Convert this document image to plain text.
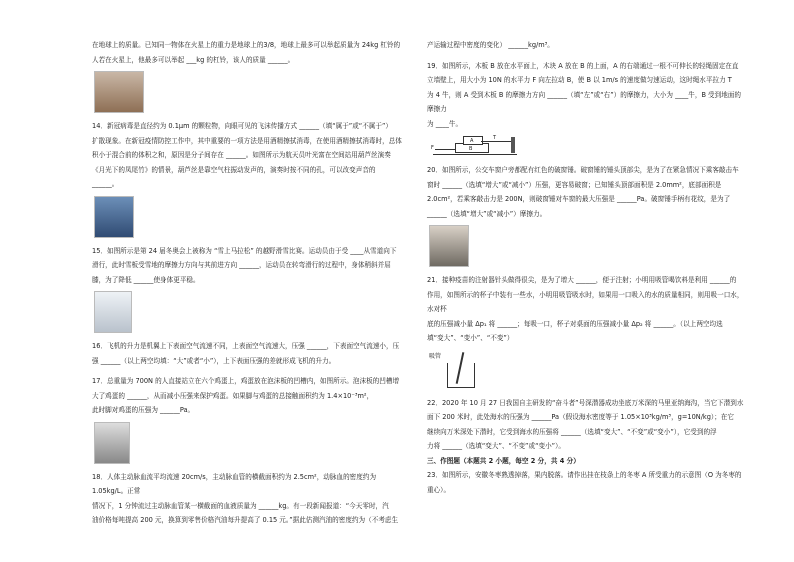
在地球上的质量。已知同一物体在火星上的重力是地球上的3/8，地球上最多可以举起质量为 24kg 杠铃的

人若在火星上，他最多可以举起 ___kg 的杠铃，该人的质量 ______。

14．新冠病毒是直径约为 0.1μm 的颗粒物，向眼可见的飞沫传播方式 ______（填“属于”或“不属于”）

扩散现象。在新冠疫情防控工作中，其中重要的一项方法是用酒精擦拭消毒，在使用酒精擦拭消毒时，总体

积小于混合前的体积之和，原因是分子间存在 ______。如图所示为航天员叶光富在空间站用葫芦丝演奏

《月光下的凤尾竹》的情景，葫芦丝是靠空气柱振动发声的，演奏时按不同的孔，可以改变声音的 ______。

15．如图所示是第 24 届冬奥会上被称为 “雪上马拉松” 的越野滑雪比赛。运动员由于受 ____从雪道向下

滑行，此时雪板受雪地的摩擦力方向与其前进方向 ______，运动员在转弯滑行的过程中，身体稍斜并屈

膝，为了降低 ______使身体更平稳。

16．飞机的升力是机翼上下表面空气流速不同，上表面空气流速大，压强 ______，下表面空气流速小，压

强 ______（以上两空均填：“大”或者“小”），上下表面压强的差就形成飞机的升力。

17．总重量为 700N 的人直接站立在六个鸡蛋上，鸡蛋放在泡沫板的凹槽内，如图所示。泡沫板的凹槽增

大了鸡蛋的 ______，从而减小压强来保护鸡蛋。如果脚与鸡蛋的总接触面积约为 1.4×10⁻³m²，

此时脚对鸡蛋的压强为 ______Pa。

18．人体主动脉血流平均流速 20cm/s，主动脉血管的横截面积约为 2.5cm²，动脉血的密度约为 1.05kg/L。正常

情况下，1 分钟流过主动脉血管某一横截面的血液质量为 ______kg。有一段新闻报道：“今天零时，汽

油价格每吨提高 200 元，换算到零售价格汽油每升提高了 0.15 元。”据此估测汽油的密度约为（不考虑生

产运输过程中密度的变化） ______kg/m³。

19．如图所示，木板 B 放在水平面上，木块 A 放在 B 的上面，A 的右端通过一根不可伸长的轻绳固定在直

立墙壁上，用大小为 10N 的水平力 F 向左拉动 B，使 B 以 1m/s 的速度做匀速运动，这时绳水平拉力 T

为 4 牛，则 A 受到木板 B 的摩擦力方向 ______（填“左”或“右”）的摩擦力，大小为 ____牛，B 受到地面的摩擦力

为 ____牛。

F
A
B
T

20．如图所示，公交车窗户旁都配有红色的破窗锤。破窗锤的锤头顶部尖，是为了在紧急情况下乘客敲击车

窗时 ______（选填“增大”或“减小”）压强，更容易破窗；已知锤头顶部面积是 2.0mm²，底部面积是

2.0cm²，若乘客敲击力是 200N，则破窗锤对车窗的最大压强是 ______Pa。破窗锤手柄有花纹，是为了

______（选填“增大”或“减小”）摩擦力。

21．接种疫苗的注射器针头做得很尖，是为了增大 ______，便于注射；小明用吸管喝饮料是利用 ______的

作用，如图所示的杯子中装有一些水，小明用吸管吸水时，如果用一口吸入的水的质量相同，则用吸一口水，水对杯

底的压强减小量 Δp₁ 将 ______；每吸一口，杯子对桌面的压强减小量 Δp₂ 将 ______。（以上两空均选

填“变大”、“变小”、“不变”）

吸管

22．2020 年 10 月 27 日我国自主研发的“奋斗者”号深潜器成功坐底万米深的马里亚纳海沟，当它下潜到水

面下 200 米时，此处海水的压强为 ______Pa（假设海水密度等于 1.05×10³kg/m³，g=10N/kg）；在它

继续向万米深处下潜时，它受到海水的压强将 ______（选填“变大”、“不变”或“变小”），它受到的浮

力将 ______（选填“变大”、“不变”或“变小”）。

三、作图题（本题共 2 小题，每空 2 分，共 4 分）

23．如图所示，安徽冬枣熟透掉落，果内脱落。请作出挂在枝条上的冬枣 A 所受重力的示意图（O 为冬枣的

重心）。
